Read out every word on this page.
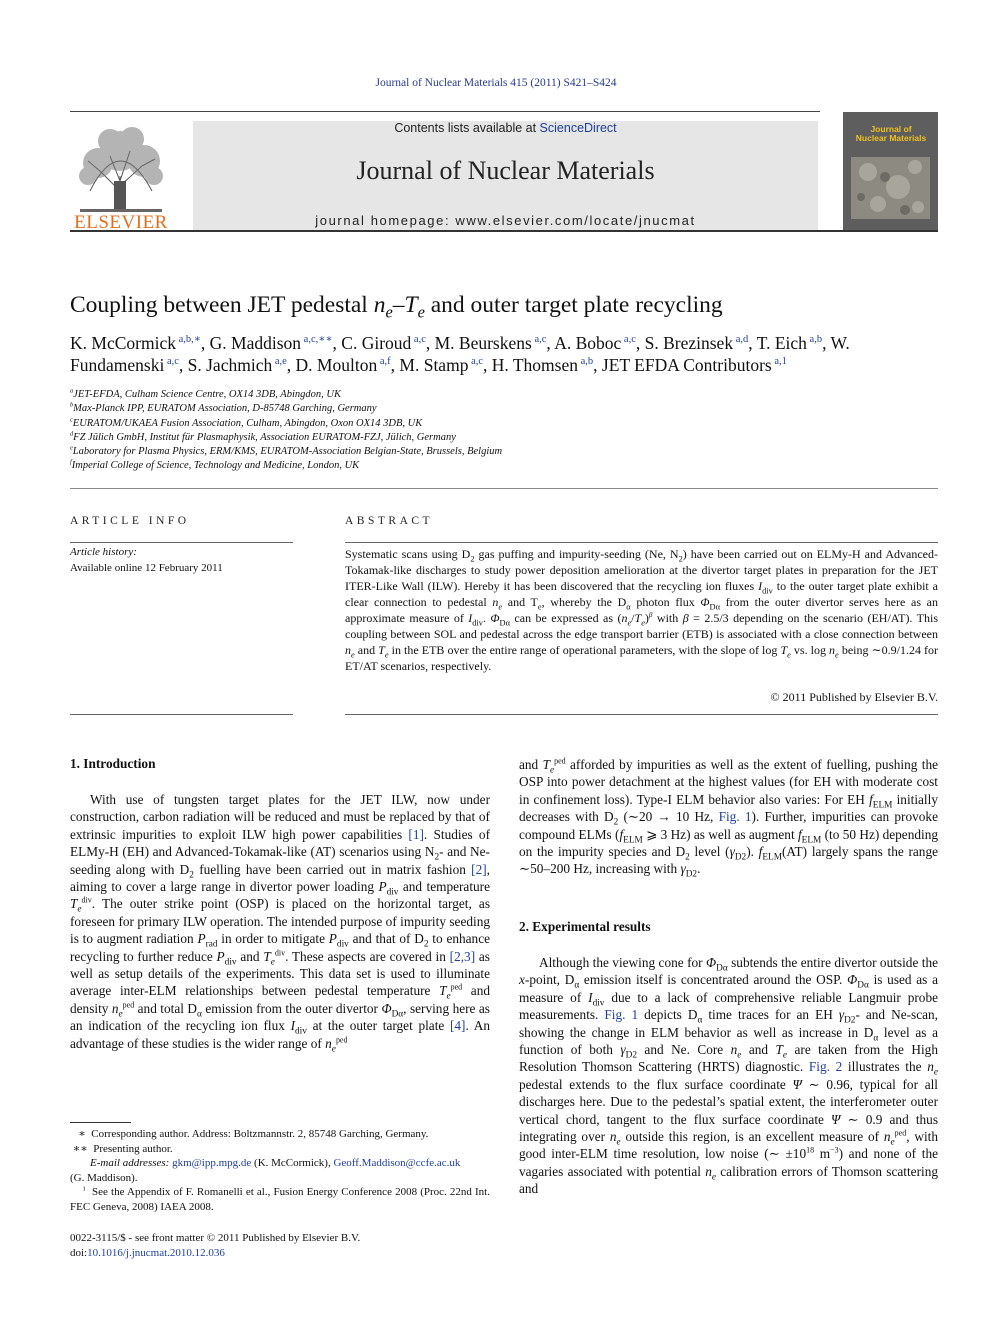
Journal of Nuclear Materials 415 (2011) S421–S424
ELSEVIER
Contents lists available at ScienceDirect
Journal of Nuclear Materials
journal homepage: www.elsevier.com/locate/jnucmat
Journal of
Nuclear Materials
Coupling between JET pedestal $n_e-T_e$ and outer target plate recycling
K. McCormick $^{a,b,∗}$, G. Maddison $^{a,c,∗∗}$, C. Giroud $^{a,c}$, M. Beurskens $^{a,c}$, A. Boboc $^{a,c}$, S. Brezinsek $^{a,d}$, T. Eich $^{a,b}$, W. Fundamenski $^{a,c}$, S. Jachmich $^{a,e}$, D. Moulton $^{a,f}$, M. Stamp $^{a,c}$, H. Thomsen $^{a,b}$, JET EFDA Contributors $^{a,1}$
$^a$JET-EFDA, Culham Science Centre, OX14 3DB, Abingdon, UK
$^b$Max-Planck IPP, EURATOM Association, D-85748 Garching, Germany
$^c$EURATOM/UKAEA Fusion Association, Culham, Abingdon, Oxon OX14 3DB, UK
$^d$FZ Jülich GmbH, Institut für Plasmaphysik, Association EURATOM-FZJ, Jülich, Germany
$^e$Laboratory for Plasma Physics, ERM/KMS, EURATOM-Association Belgian-State, Brussels, Belgium
$^f$Imperial College of Science, Technology and Medicine, London, UK
ARTICLE INFO	ABSTRACT
Article history:
Available online 12 February 2011
Systematic scans using $D_2$ gas puffing and impurity-seeding (Ne, $N_2$) have been carried out on ELMy-H and Advanced-Tokamak-like discharges to study power deposition amelioration at the divertor target plates in preparation for the JET ITER-Like Wall (ILW). Hereby it has been discovered that the recycling ion fluxes $I_{div}$ to the outer target plate exhibit a clear connection to pedestal $n_e$ and $T_e$, whereby the $D_\alpha$ photon flux $\Phi_{D\alpha}$ from the outer divertor serves here as an approximate measure of $I_{div}$. $\Phi_{D\alpha}$ can be expressed as $(n_e/T_e)^\beta$ with β = 2.5/3 depending on the scenario (EH/AT). This coupling between SOL and pedestal across the edge transport barrier (ETB) is associated with a close connection between $n_e$ and $T_e$ in the ETB over the entire range of operational parameters, with the slope of $\log T_e$ vs. $\log n_e$ being ∼0.9/1.24 for ET/AT scenarios, respectively.
© 2011 Published by Elsevier B.V.
1. Introduction

With use of tungsten target plates for the JET ILW, now under construction, carbon radiation will be reduced and must be replaced by that of extrinsic impurities to exploit ILW high power capabilities [1]. Studies of ELMy-H (EH) and Advanced-Tokamak-like (AT) scenarios using $N_2-$ and Ne-seeding along with $D_2$ fuelling have been carried out in matrix fashion [2], aiming to cover a large range in divertor power loading $P_{div}$ and temperature $T_e^{div}$. The outer strike point (OSP) is placed on the horizontal target, as foreseen for primary ILW operation. The intended purpose of impurity seeding is to augment radiation $P_{rad}$ in order to mitigate $P_{div}$ and that of $D_2$ to enhance recycling to further reduce $P_{div}$ and $T_e^{div}$. These aspects are covered in [2,3] as well as setup details of the experiments. This data set is used to illuminate average inter-ELM relationships between pedestal temperature $T_e^{ped}$ and density $n_e^{ped}$ and total $D_\alpha$ emission from the outer divertor $\Phi_{D\alpha}$, serving here as an indication of the recycling ion flux $I_{div}$ at the outer target plate [4]. An advantage of these studies is the wider range of $n_e^{ped}$

and $T_e^{ped}$ afforded by impurities as well as the extent of fuelling, pushing the OSP into power detachment at the highest values (for EH with moderate cost in confinement loss). Type-I ELM behavior also varies: For EH $f_{ELM}$ initially decreases with $D_2$ (∼20 → 10 Hz, Fig. 1). Further, impurities can provoke compound ELMs ($f_{ELM}$ ⩾ 3 Hz) as well as augment $f_{ELM}$ (to 50 Hz) depending on the impurity species and $D_2$ level $(\gamma_{D2})$. $f_{ELM}(AT)$ largely spans the range ∼50–200 Hz, increasing with $\gamma_{D2}$.

2. Experimental results

Although the viewing cone for $\Phi_{D\alpha}$ subtends the entire divertor outside the x-point, $D_\alpha$ emission itself is concentrated around the OSP. $\Phi_{D\alpha}$ is used as a measure of $I_{div}$ due to a lack of comprehensive reliable Langmuir probe measurements. Fig. 1 depicts $D_\alpha$ time traces for an EH $\gamma_{D2}-$ and Ne-scan, showing the change in ELM behavior as well as increase in $D_\alpha$ level as a function of both $\gamma_{D2}$ and Ne. Core $n_e$ and $T_e$ are taken from the High Resolution Thomson Scattering (HRTS) diagnostic. Fig. 2 illustrates the $n_e$ pedestal extends to the flux surface coordinate Ψ ∼ 0.96, typical for all discharges here. Due to the pedestal’s spatial extent, the interferometer outer vertical chord, tangent to the flux surface coordinate Ψ ∼ 0.9 and thus integrating over $n_e$ outside this region, is an excellent measure of $n_e^{ped}$, with good inter-ELM time resolution, low noise (∼ $\pm 10^{18}$ $m^{-3}$) and none of the vagaries associated with potential $n_e$ calibration errors of Thomson scattering and

∗  Corresponding author. Address: Boltzmannstr. 2, 85748 Garching, Germany.
∗∗  Presenting author.
E-mail addresses: gkm@ipp.mpg.de (K. McCormick), Geoff.Maddison@ccfe.ac.uk
(G. Maddison).
$^1$ See the Appendix of F. Romanelli et al., Fusion Energy Conference 2008 (Proc. 22nd Int. FEC Geneva, 2008) IAEA 2008.
0022-3115/$ - see front matter © 2011 Published by Elsevier B.V.
doi:10.1016/j.jnucmat.2010.12.036
